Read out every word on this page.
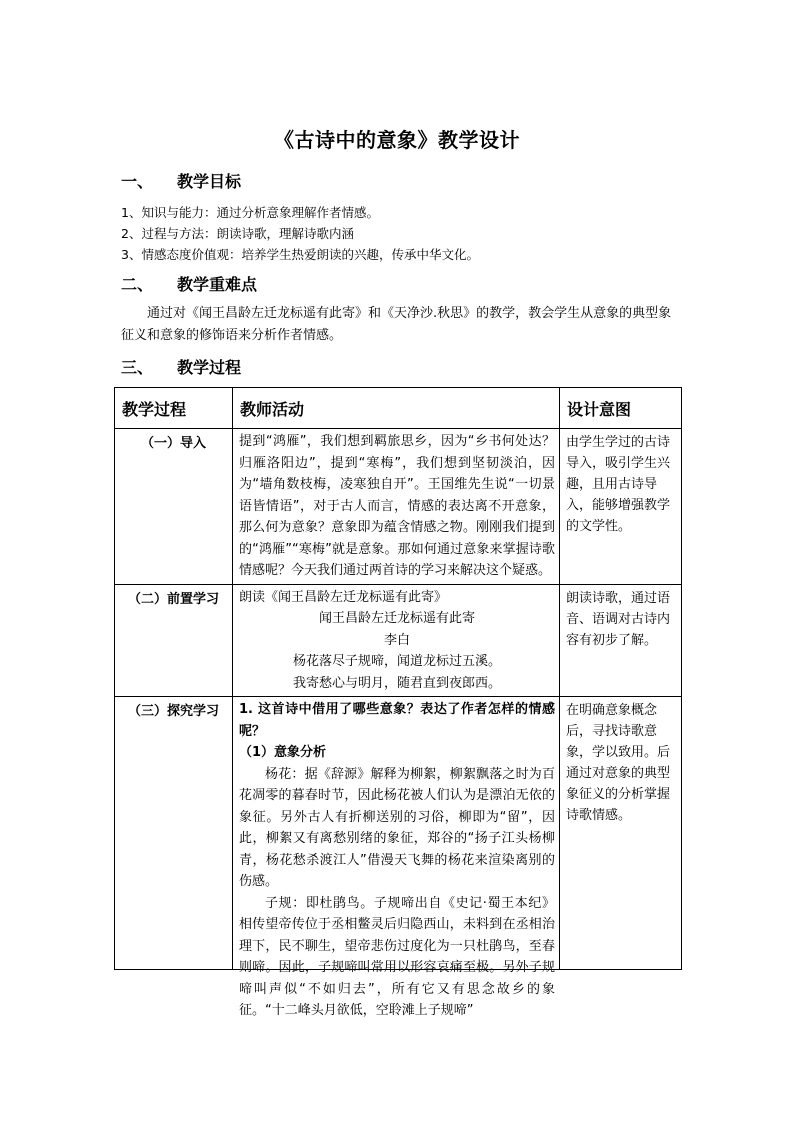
《古诗中的意象》教学设计
一、 教学目标
1、知识与能力：通过分析意象理解作者情感。
2、过程与方法：朗读诗歌，理解诗歌内涵
3、情感态度价值观：培养学生热爱朗读的兴趣，传承中华文化。
二、 教学重难点
通过对《闻王昌龄左迁龙标遥有此寄》和《天净沙.秋思》的教学，教会学生从意象的典型象征义和意象的修饰语来分析作者情感。
三、 教学过程
教学过程	教师活动	设计意图
（一）导入	提到“鸿雁”，我们想到羁旅思乡，因为“乡书何处达？归雁洛阳边”，提到“寒梅”，我们想到坚韧淡泊，因为“墙角数枝梅，凌寒独自开”。王国维先生说“一切景语皆情语”，对于古人而言，情感的表达离不开意象，那么何为意象？意象即为蕴含情感之物。刚刚我们提到的“鸿雁”“寒梅”就是意象。那如何通过意象来掌握诗歌情感呢？今天我们通过两首诗的学习来解决这个疑惑。	由学生学过的古诗导入，吸引学生兴趣，且用古诗导入，能够增强教学的文学性。
（二）前置学习	朗读《闻王昌龄左迁龙标遥有此寄》
闻王昌龄左迁龙标遥有此寄
李白
杨花落尽子规啼，闻道龙标过五溪。
我寄愁心与明月，随君直到夜郎西。	朗读诗歌，通过语音、语调对古诗内容有初步了解。
（三）探究学习	1. 这首诗中借用了哪些意象？表达了作者怎样的情感呢？
（1）意象分析
杨花：据《辞源》解释为柳絮，柳絮飘落之时为百花凋零的暮春时节，因此杨花被人们认为是漂泊无依的象征。另外古人有折柳送别的习俗，柳即为“留”，因此，柳絮又有离愁别绪的象征，郑谷的“扬子江头杨柳青，杨花愁杀渡江人”借漫天飞舞的杨花来渲染离别的伤感。
子规：即杜鹃鸟。子规啼出自《史记·蜀王本纪》相传望帝传位于丞相鳖灵后归隐西山，未料到在丞相治理下，民不聊生，望帝悲伤过度化为一只杜鹃鸟，至春则啼。因此，子规啼叫常用以形容哀痛至极。另外子规啼叫声似“不如归去”，所有它又有思念故乡的象征。“十二峰头月欲低，空聆滩上子规啼”	在明确意象概念后，寻找诗歌意象，学以致用。后通过对意象的典型象征义的分析掌握诗歌情感。
